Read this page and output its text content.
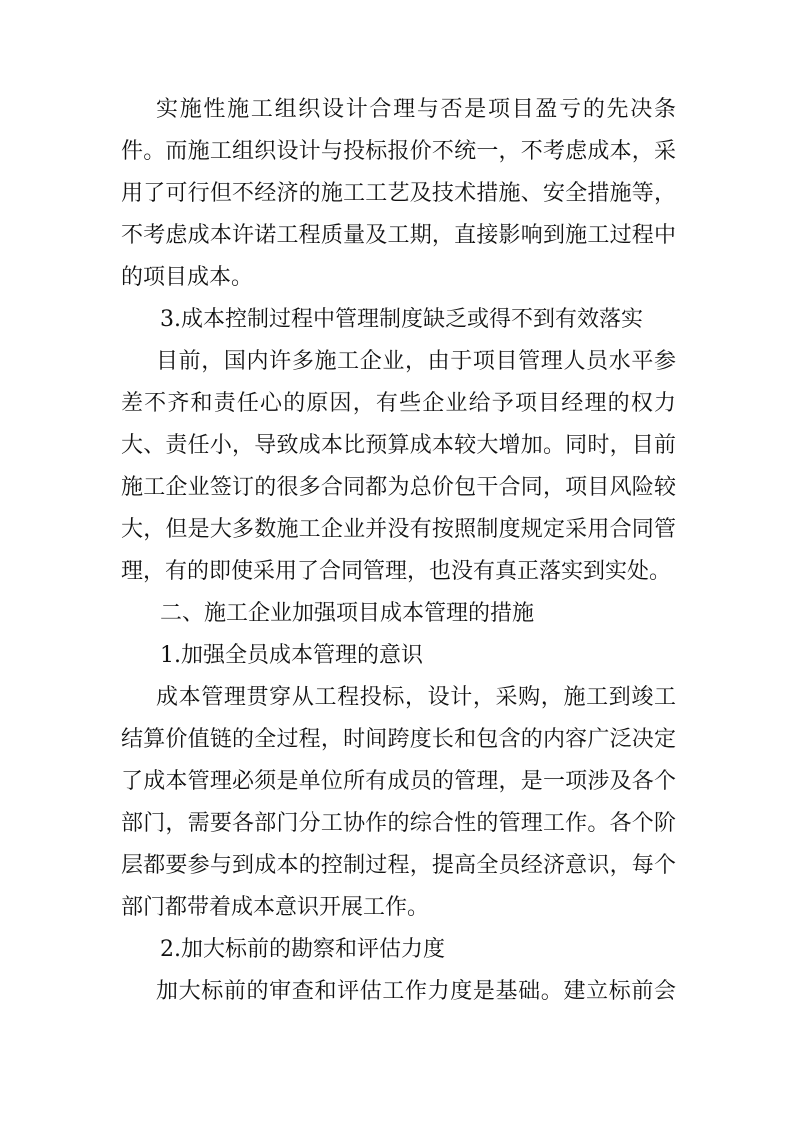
实施性施工组织设计合理与否是项目盈亏的先决条
件。而施工组织设计与投标报价不统一，不考虑成本，采
用了可行但不经济的施工工艺及技术措施、安全措施等，
不考虑成本许诺工程质量及工期，直接影响到施工过程中
的项目成本。
3.成本控制过程中管理制度缺乏或得不到有效落实
目前，国内许多施工企业，由于项目管理人员水平参
差不齐和责任心的原因，有些企业给予项目经理的权力
大、责任小，导致成本比预算成本较大增加。同时，目前
施工企业签订的很多合同都为总价包干合同，项目风险较
大，但是大多数施工企业并没有按照制度规定采用合同管
理，有的即使采用了合同管理，也没有真正落实到实处。
二、施工企业加强项目成本管理的措施
1.加强全员成本管理的意识
成本管理贯穿从工程投标，设计，采购，施工到竣工
结算价值链的全过程，时间跨度长和包含的内容广泛决定
了成本管理必须是单位所有成员的管理，是一项涉及各个
部门，需要各部门分工协作的综合性的管理工作。各个阶
层都要参与到成本的控制过程，提高全员经济意识，每个
部门都带着成本意识开展工作。
2.加大标前的勘察和评估力度
加大标前的审查和评估工作力度是基础。建立标前会
